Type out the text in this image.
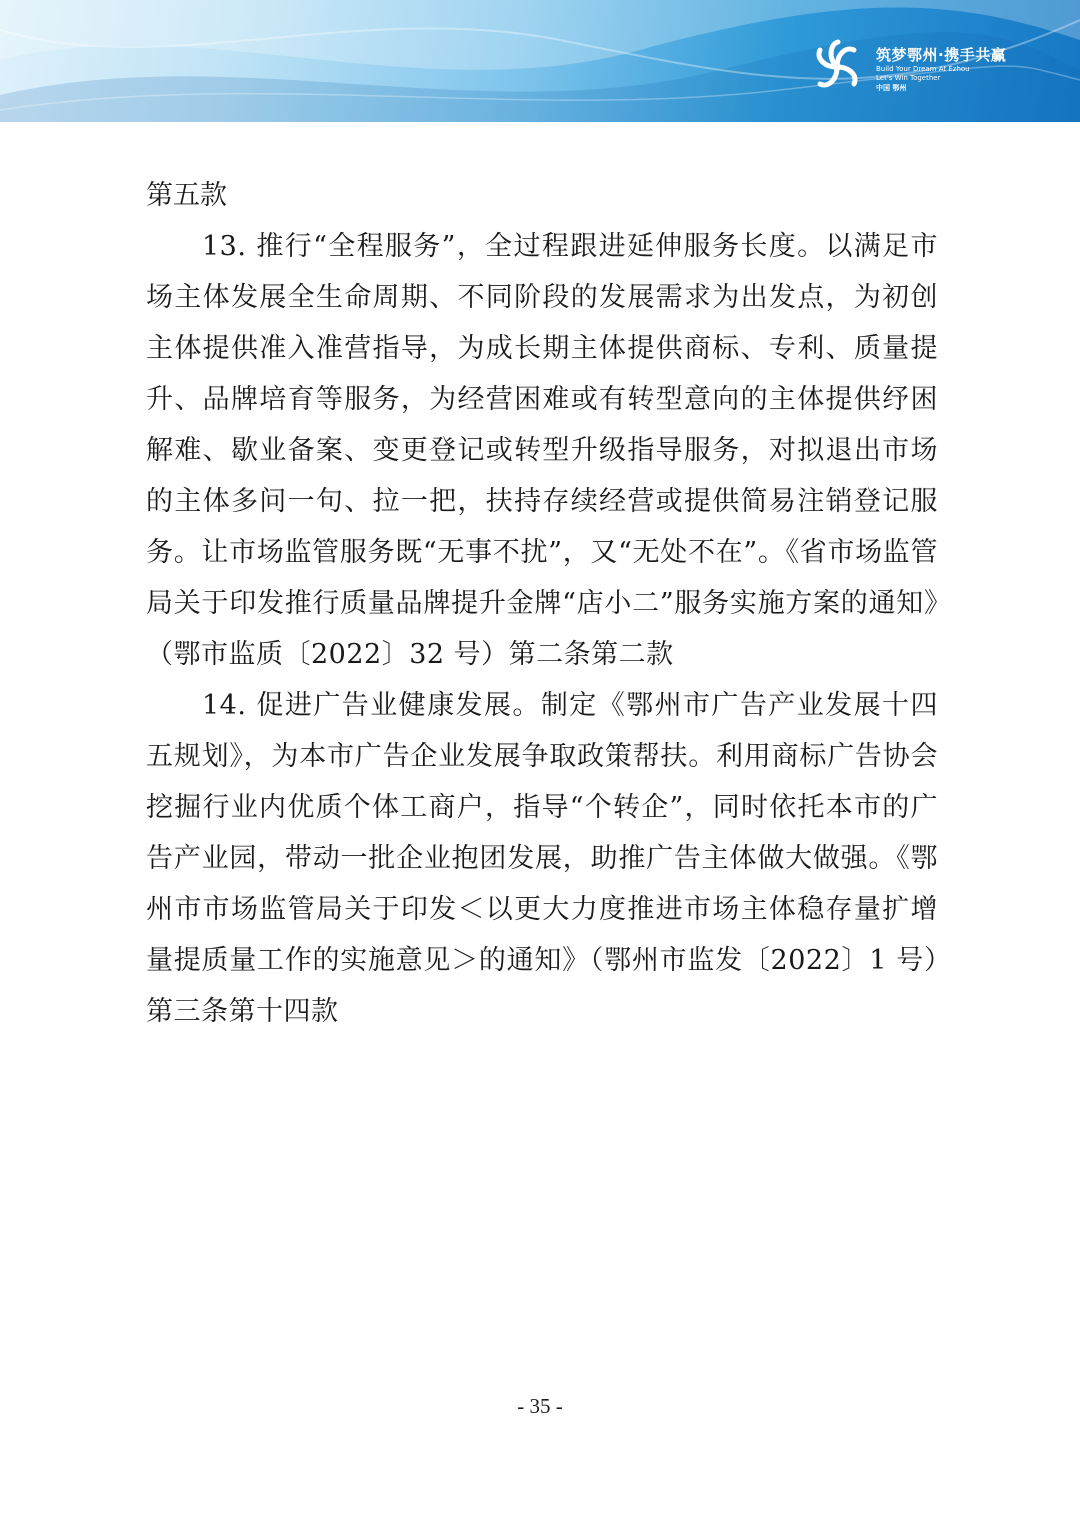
筑梦鄂州·携手共赢
Build Your Dream At Ezhou
Let's Win Together
中国 鄂州

第五款

13. 推行“全程服务”，全过程跟进延伸服务长度。以满足市场主体发展全生命周期、不同阶段的发展需求为出发点，为初创主体提供准入准营指导，为成长期主体提供商标、专利、质量提升、品牌培育等服务，为经营困难或有转型意向的主体提供纾困解难、歇业备案、变更登记或转型升级指导服务，对拟退出市场的主体多问一句、拉一把，扶持存续经营或提供简易注销登记服务。让市场监管服务既“无事不扰”，又“无处不在”。《省市场监管局关于印发推行质量品牌提升金牌“店小二”服务实施方案的通知》（鄂市监质〔2022〕32 号）第二条第二款

14. 促进广告业健康发展。制定《鄂州市广告产业发展十四五规划》，为本市广告企业发展争取政策帮扶。利用商标广告协会挖掘行业内优质个体工商户，指导“个转企”，同时依托本市的广告产业园，带动一批企业抱团发展，助推广告主体做大做强。《鄂州市市场监管局关于印发＜以更大力度推进市场主体稳存量扩增量提质量工作的实施意见＞的通知》（鄂州市监发〔2022〕1 号）第三条第十四款

- 35 -
